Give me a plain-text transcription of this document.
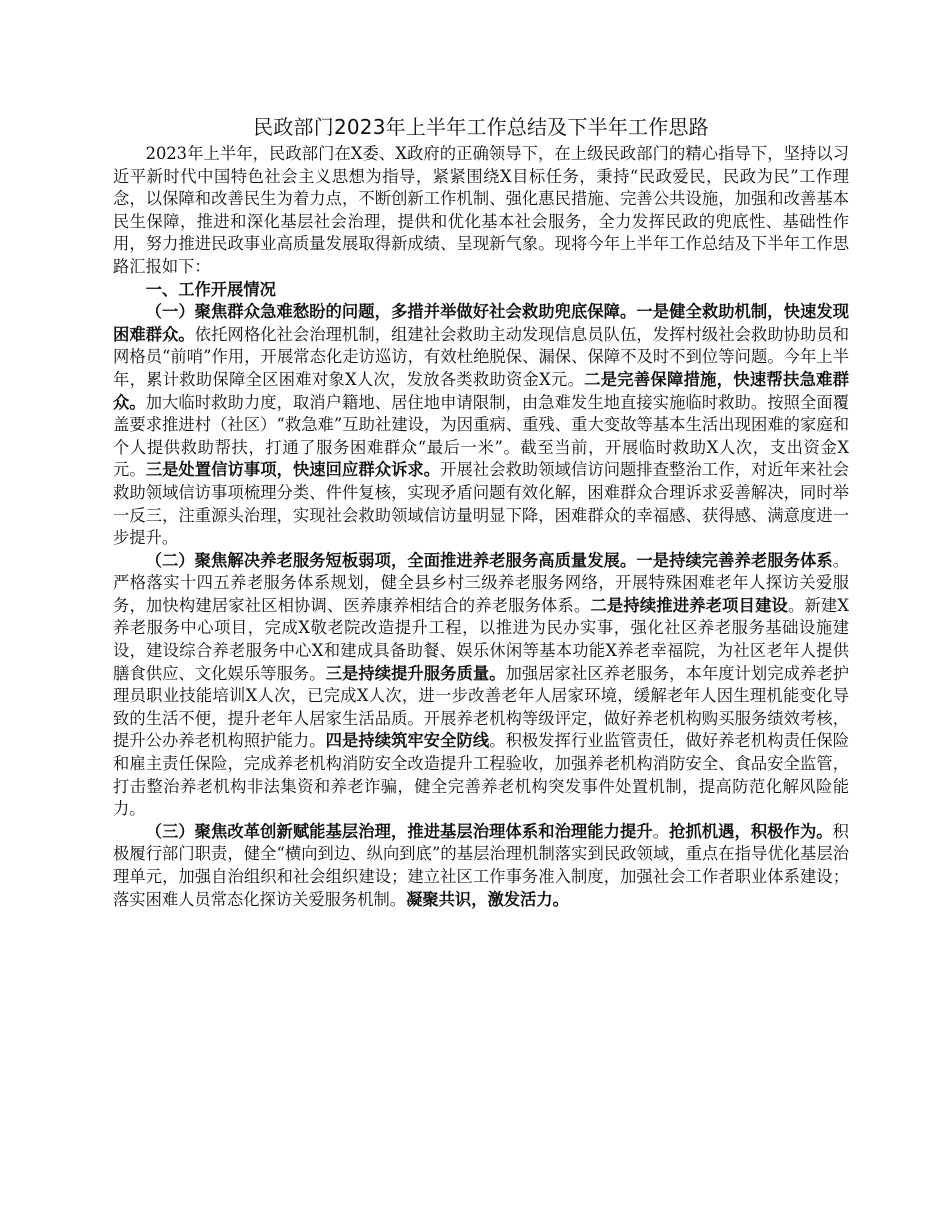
民政部门2023年上半年工作总结及下半年工作思路

2023年上半年，民政部门在X委、X政府的正确领导下，在上级民政部门的精心指导下，坚持以习近平新时代中国特色社会主义思想为指导，紧紧围绕X目标任务，秉持“民政爱民，民政为民”工作理念，以保障和改善民生为着力点，不断创新工作机制、强化惠民措施、完善公共设施，加强和改善基本民生保障，推进和深化基层社会治理，提供和优化基本社会服务，全力发挥民政的兜底性、基础性作用，努力推进民政事业高质量发展取得新成绩、呈现新气象。现将今年上半年工作总结及下半年工作思路汇报如下：

一、工作开展情况

（一）聚焦群众急难愁盼的问题，多措并举做好社会救助兜底保障。一是健全救助机制，快速发现困难群众。依托网格化社会治理机制，组建社会救助主动发现信息员队伍，发挥村级社会救助协助员和网格员“前哨”作用，开展常态化走访巡访，有效杜绝脱保、漏保、保障不及时不到位等问题。今年上半年，累计救助保障全区困难对象X人次，发放各类救助资金X元。二是完善保障措施，快速帮扶急难群众。加大临时救助力度，取消户籍地、居住地申请限制，由急难发生地直接实施临时救助。按照全面覆盖要求推进村（社区）“救急难”互助社建设，为因重病、重残、重大变故等基本生活出现困难的家庭和个人提供救助帮扶，打通了服务困难群众“最后一米”。截至当前，开展临时救助X人次，支出资金X元。三是处置信访事项，快速回应群众诉求。开展社会救助领域信访问题排查整治工作，对近年来社会救助领域信访事项梳理分类、件件复核，实现矛盾问题有效化解，困难群众合理诉求妥善解决，同时举一反三，注重源头治理，实现社会救助领域信访量明显下降，困难群众的幸福感、获得感、满意度进一步提升。

（二）聚焦解决养老服务短板弱项，全面推进养老服务高质量发展。一是持续完善养老服务体系。严格落实十四五养老服务体系规划，健全县乡村三级养老服务网络，开展特殊困难老年人探访关爱服务，加快构建居家社区相协调、医养康养相结合的养老服务体系。二是持续推进养老项目建设。新建X养老服务中心项目，完成X敬老院改造提升工程，以推进为民办实事，强化社区养老服务基础设施建设，建设综合养老服务中心X和建成具备助餐、娱乐休闲等基本功能X养老幸福院，为社区老年人提供膳食供应、文化娱乐等服务。三是持续提升服务质量。加强居家社区养老服务，本年度计划完成养老护理员职业技能培训X人次，已完成X人次，进一步改善老年人居家环境，缓解老年人因生理机能变化导致的生活不便，提升老年人居家生活品质。开展养老机构等级评定，做好养老机构购买服务绩效考核，提升公办养老机构照护能力。四是持续筑牢安全防线。积极发挥行业监管责任，做好养老机构责任保险和雇主责任保险，完成养老机构消防安全改造提升工程验收，加强养老机构消防安全、食品安全监管，打击整治养老机构非法集资和养老诈骗，健全完善养老机构突发事件处置机制，提高防范化解风险能力。

（三）聚焦改革创新赋能基层治理，推进基层治理体系和治理能力提升。抢抓机遇，积极作为。积极履行部门职责，健全“横向到边、纵向到底”的基层治理机制落实到民政领域，重点在指导优化基层治理单元，加强自治组织和社会组织建设；建立社区工作事务准入制度，加强社会工作者职业体系建设；落实困难人员常态化探访关爱服务机制。凝聚共识，激发活力。
